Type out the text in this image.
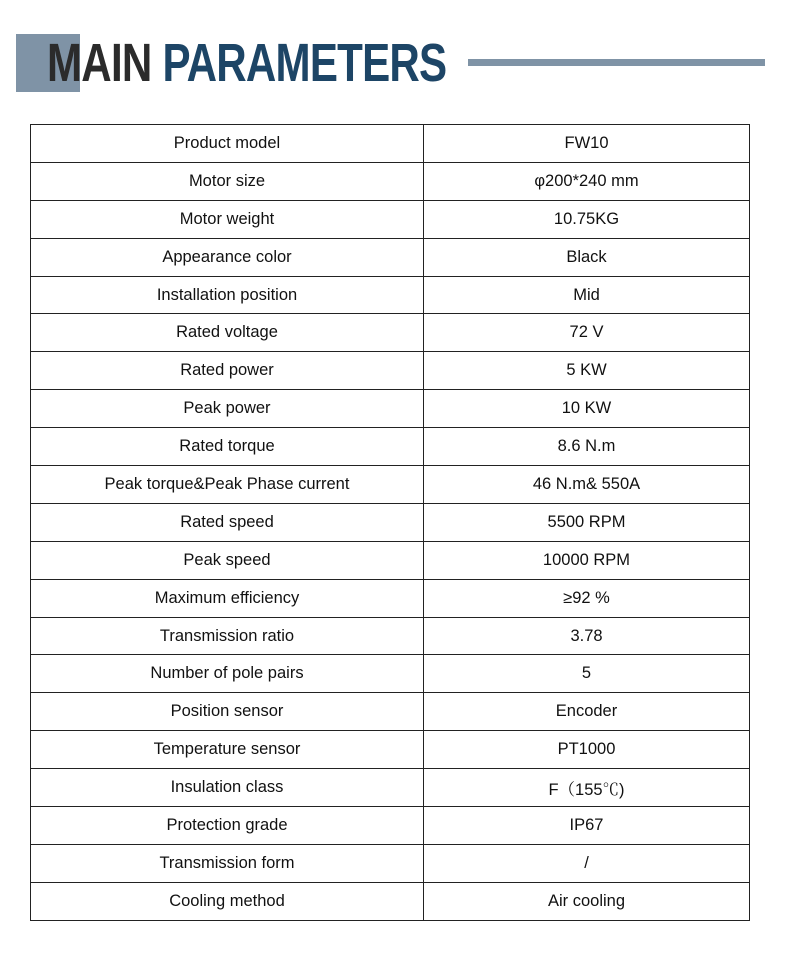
MAIN PARAMETERS
Product model	FW10
Motor size	φ200*240 mm
Motor weight	10.75KG
Appearance color	Black
Installation position	Mid
Rated voltage	72 V
Rated power	5 KW
Peak power	10 KW
Rated torque	8.6 N.m
Peak torque&Peak Phase current	46 N.m& 550A
Rated speed	5500 RPM
Peak speed	10000 RPM
Maximum efficiency	≥92 %
Transmission ratio	3.78
Number of pole pairs	5
Position sensor	Encoder
Temperature sensor	PT1000
Insulation class	F（155℃)
Protection grade	IP67
Transmission form	/
Cooling method	Air cooling
